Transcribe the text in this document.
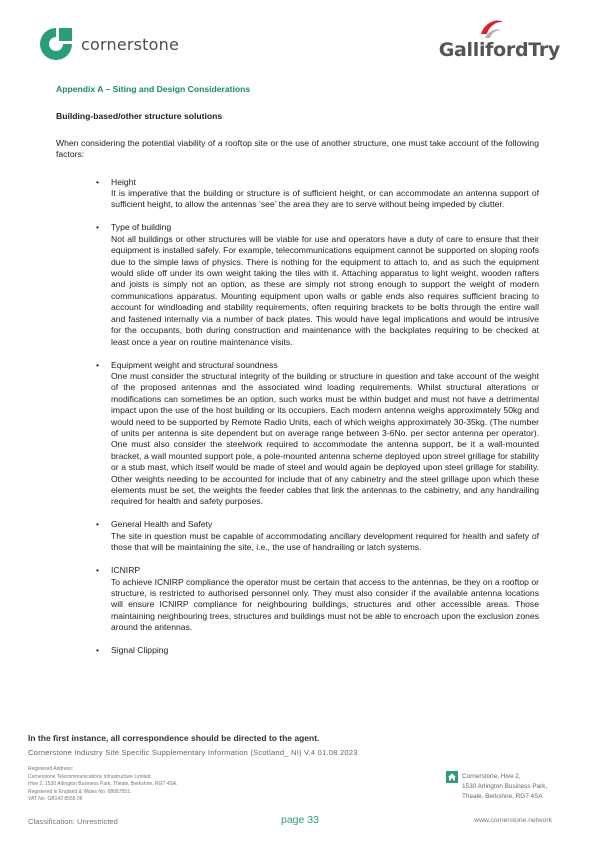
cornerstone	GallifordTry
Appendix A – Siting and Design Considerations
Building-based/other structure solutions
When considering the potential viability of a rooftop site or the use of another structure, one must take account of the following factors:
• Height
It is imperative that the building or structure is of sufficient height, or can accommodate an antenna support of sufficient height, to allow the antennas ‘see’ the area they are to serve without being impeded by clutter.
• Type of building
Not all buildings or other structures will be viable for use and operators have a duty of care to ensure that their equipment is installed safely. For example, telecommunications equipment cannot be supported on sloping roofs due to the simple laws of physics. There is nothing for the equipment to attach to, and as such the equipment would slide off under its own weight taking the tiles with it. Attaching apparatus to light weight, wooden rafters and joists is simply not an option, as these are simply not strong enough to support the weight of modern communications apparatus. Mounting equipment upon walls or gable ends also requires sufficient bracing to account for windloading and stability requirements, often requiring brackets to be bolts through the entire wall and fastened internally via a number of back plates. This would have legal implications and would be intrusive for the occupants, both during construction and maintenance with the backplates requiring to be checked at least once a year on routine maintenance visits.
• Equipment weight and structural soundness
One must consider the structural integrity of the building or structure in question and take account of the weight of the proposed antennas and the associated wind loading requirements. Whilst structural alterations or modifications can sometimes be an option, such works must be within budget and must not have a detrimental impact upon the use of the host building or its occupiers. Each modern antenna weighs approximately 50kg and would need to be supported by Remote Radio Units, each of which weighs approximately 30-35kg. (The number of units per antenna is site dependent but on average range between 3-6No. per sector antenna per operator). One must also consider the steelwork required to accommodate the antenna support, be it a wall-mounted bracket, a wall mounted support pole, a pole-mounted antenna scheme deployed upon streel grillage for stability or a stub mast, which itself would be made of steel and would again be deployed upon steel grillage for stability. Other weights needing to be accounted for include that of any cabinetry and the steel grillage upon which these elements must be set, the weights the feeder cables that link the antennas to the cabinetry, and any handrailing required for health and safety purposes.
• General Health and Safety
The site in question must be capable of accommodating ancillary development required for health and safety of those that will be maintaining the site, i.e., the use of handrailing or latch systems.
• ICNIRP
To achieve ICNIRP compliance the operator must be certain that access to the antennas, be they on a rooftop or structure, is restricted to authorised personnel only. They must also consider if the available antenna locations will ensure ICNIRP compliance for neighbouring buildings, structures and other accessible areas. Those maintaining neighbouring trees, structures and buildings must not be able to encroach upon the exclusion zones around the antennas.
• Signal Clipping
In the first instance, all correspondence should be directed to the agent.
Cornerstone Industry Site Specific Supplementary Information (Scotland_ NI) V.4 01.08.2023
Registered Address:
Cornerstone Telecommunications Infrastructure Limited.
Hive 2, 1530 Arlington Business Park, Theale, Berkshire, RG7 4SA.
Registered in England & Wales No. 08087551.
VAT No. GB142 8555 06
Cornerstone, Hive 2,
1530 Arlington Business Park,
Theale, Berkshire, RG7 4SA
Classification: Unrestricted	page 33	www.cornerstone.network
